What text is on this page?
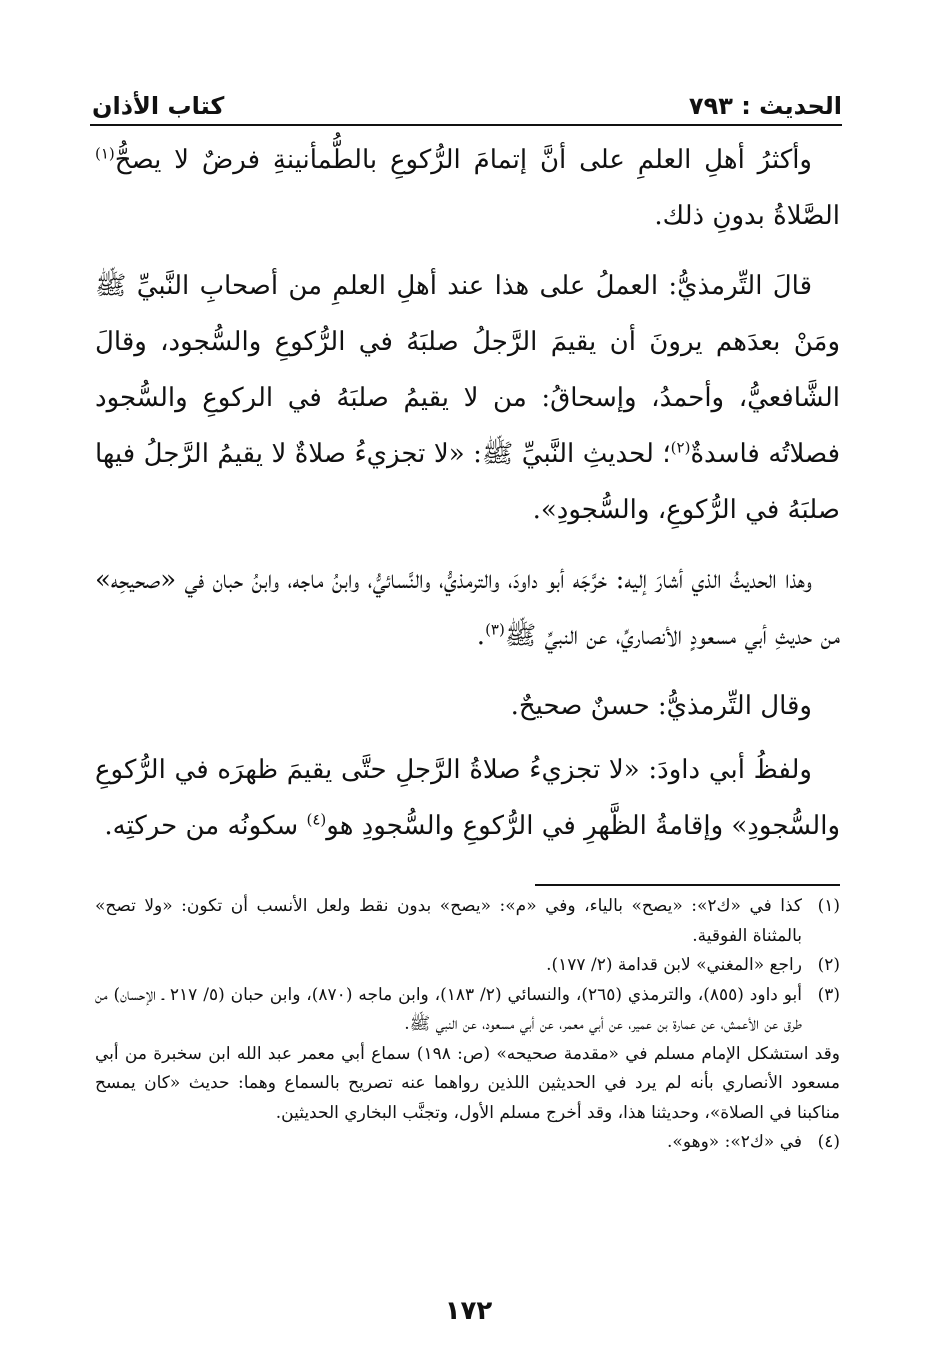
الحديث : ٧٩٣
كتاب الأذان

وأكثرُ أهلِ العلمِ على أنَّ إتمامَ الرُّكوعِ بالطُّمأنينةِ فرضٌ لا يصحُّ$^{(١)}$ الصَّلاةُ بدونِ ذلك.

قالَ التِّرمذيُّ: العملُ على هذا عند أهلِ العلمِ من أصحابِ النَّبيِّ ﷺ ومَنْ بعدَهم يرونَ أن يقيمَ الرَّجلُ صلبَهُ في الرُّكوعِ والسُّجود، وقالَ الشَّافعيُّ، وأحمدُ، وإسحاقُ: من لا يقيمُ صلبَهُ في الركوعِ والسُّجود فصلاتُه فاسدةٌ$^{(٢)}$؛ لحديثِ النَّبيِّ ﷺ: «لا تجزيءُ صلاةٌ لا يقيمُ الرَّجلُ فيها صلبَهُ في الرُّكوعِ، والسُّجودِ».

وهذا الحديثُ الذي أشارَ إليه: خرَّجَه أبو داودَ، والترمذيُّ، والنَّسائيُّ، وابنُ ماجه، وابنُ حبان في «صحيحِه» من حديثِ أبي مسعودٍ الأنصاريِّ، عن النبيِّ ﷺ$^{(٣)}$.

وقال التِّرمذيُّ: حسنٌ صحيحٌ.

ولفظُ أبي داودَ: «لا تجزيءُ صلاةُ الرَّجلِ حتَّى يقيمَ ظهرَه في الرُّكوعِ والسُّجودِ» وإقامةُ الظَّهرِ في الرُّكوعِ والسُّجودِ هو$^{(٤)}$ سكونُه من حركتِه.

(١)
كذا في «ك٢»: «يصح» بالياء، وفي «م»: «يصح» بدون نقط ولعل الأنسب أن تكون: «ولا تصح» بالمثناة الفوقية.

(٢)
راجع «المغني» لابن قدامة (٢/ ١٧٧).

(٣)
أبو داود (٨٥٥)، والترمذي (٢٦٥)، والنسائي (٢/ ١٨٣)، وابن ماجه (٨٧٠)، وابن حبان (٥/ ٢١٧ ـ الإحسان) من طرق عن الأعمش، عن عمارة بن عمير، عن أبي معمر، عن أبي مسعود، عن النبي ﷺ.

وقد استشكل الإمام مسلم في «مقدمة صحيحه» (ص: ١٩٨) سماع أبي معمر عبد الله ابن سخبرة من أبي مسعود الأنصاري بأنه لم يرد في الحديثين اللذين رواهما عنه تصريح بالسماع وهما: حديث «كان يمسح مناكبنا في الصلاة»، وحديثنا هذا، وقد أخرج مسلم الأول، وتجنَّب البخاري الحديثين.

(٤)
في «ك٢»: «وهو».

١٧٢
